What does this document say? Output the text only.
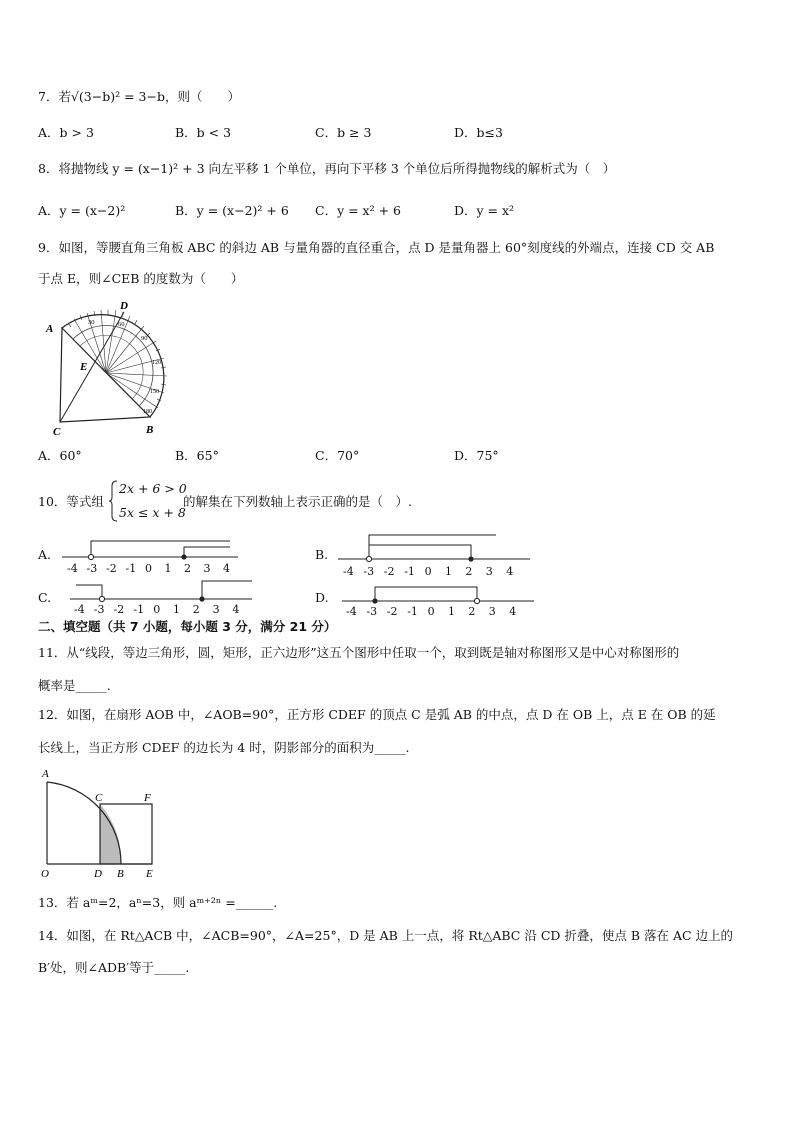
7．若√(3−b)² = 3−b，则（　　）
A．b > 3	B．b < 3	C．b ≥ 3	D．b≤3
8．将抛物线 y = (x−1)² + 3 向左平移 1 个单位，再向下平移 3 个单位后所得抛物线的解析式为（　）
A．y = (x−2)²	B．y = (x−2)² + 6 C．y = x² + 6	D．y = x²
9．如图，等腰直角三角板 ABC 的斜边 AB 与量角器的直径重合，点 D 是量角器上 60°刻度线的外端点，连接 CD 交 AB
于点 E，则∠CEB 的度数为（　　）
30	60
90
120
150
180
A
D
E
C	B
A．60°	B．65°	C．70°	D．75°
10．等式组
2x + 6 > 0
5x ≤ x + 8
的解集在下列数轴上表示正确的是（　）.
A.	B.
C.	D.
-4 -3 -2 -1 0 1 2 3 4	-4 -3 -2 -1 0 1 2 3 4
-4 -3 -2 -1 0 1 2 3 4	-4 -3 -2 -1 0 1 2 3 4
二、填空题（共 7 小题，每小题 3 分，满分 21 分）
11．从“线段，等边三角形，圆，矩形，正六边形”这五个图形中任取一个，取到既是轴对称图形又是中心对称图形的
概率是_____.
12．如图，在扇形 AOB 中，∠AOB=90°，正方形 CDEF 的顶点 C 是弧 AB 的中点，点 D 在 OB 上，点 E 在 OB 的延
长线上，当正方形 CDEF 的边长为 4 时，阴影部分的面积为_____.
A
C	F
O	D B E
13．若 aᵐ=2，aⁿ=3，则 aᵐ⁺²ⁿ =______.
14．如图，在 Rt△ACB 中，∠ACB=90°，∠A=25°，D 是 AB 上一点，将 Rt△ABC 沿 CD 折叠，使点 B 落在 AC 边上的
B′处，则∠ADB′等于_____.
